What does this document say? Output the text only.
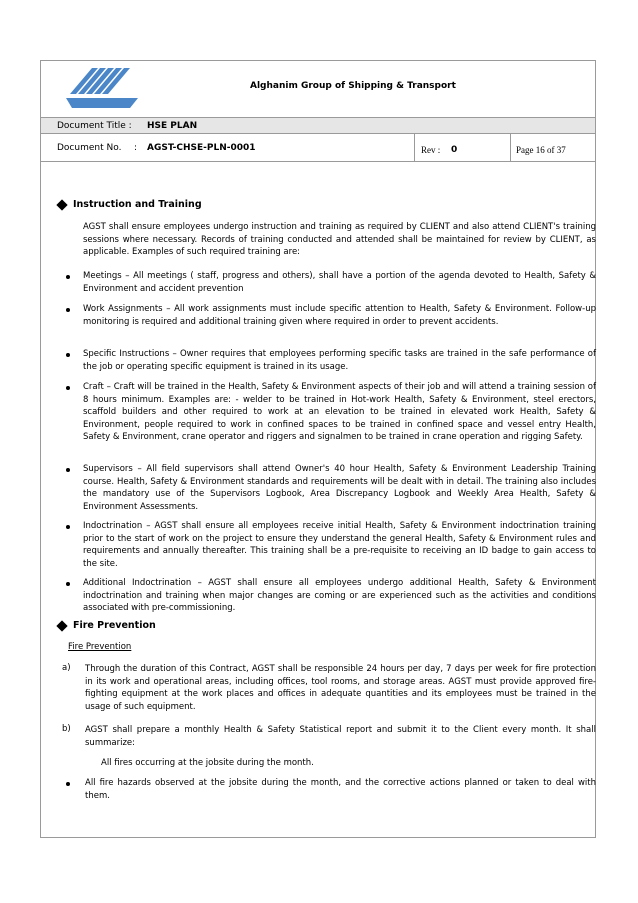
Alghanim Group of Shipping & Transport
Document Title : HSE PLAN
Document No. : AGST-CHSE-PLN-0001	Rev : 0	Page 16 of 37
Instruction and Training
AGST shall ensure employees undergo instruction and training as required by CLIENT and also attend CLIENT's training sessions where necessary. Records of training conducted and attended shall be maintained for review by CLIENT, as applicable. Examples of such required training are:
Meetings – All meetings ( staff, progress and others), shall have a portion of the agenda devoted to Health, Safety & Environment and accident prevention
Work Assignments – All work assignments must include specific attention to Health, Safety & Environment. Follow-up monitoring is required and additional training given where required in order to prevent accidents.
Specific Instructions – Owner requires that employees performing specific tasks are trained in the safe performance of the job or operating specific equipment is trained in its usage.
Craft – Craft will be trained in the Health, Safety & Environment aspects of their job and will attend a training session of 8 hours minimum. Examples are: - welder to be trained in Hot-work Health, Safety & Environment, steel erectors, scaffold builders and other required to work at an elevation to be trained in elevated work Health, Safety & Environment, people required to work in confined spaces to be trained in confined space and vessel entry Health, Safety & Environment, crane operator and riggers and signalmen to be trained in crane operation and rigging Safety.
Supervisors – All field supervisors shall attend Owner's 40 hour Health, Safety & Environment Leadership Training course. Health, Safety & Environment standards and requirements will be dealt with in detail. The training also includes the mandatory use of the Supervisors Logbook, Area Discrepancy Logbook and Weekly Area Health, Safety & Environment Assessments.
Indoctrination – AGST shall ensure all employees receive initial Health, Safety & Environment indoctrination training prior to the start of work on the project to ensure they understand the general Health, Safety & Environment rules and requirements and annually thereafter. This training shall be a pre-requisite to receiving an ID badge to gain access to the site.
Additional Indoctrination – AGST shall ensure all employees undergo additional Health, Safety & Environment indoctrination and training when major changes are coming or are experienced such as the activities and conditions associated with pre-commissioning.
Fire Prevention
Fire Prevention
a) Through the duration of this Contract, AGST shall be responsible 24 hours per day, 7 days per week for fire protection in its work and operational areas, including offices, tool rooms, and storage areas. AGST must provide approved fire-fighting equipment at the work places and offices in adequate quantities and its employees must be trained in the usage of such equipment.
b) AGST shall prepare a monthly Health & Safety Statistical report and submit it to the Client every month. It shall summarize:
All fires occurring at the jobsite during the month.
All fire hazards observed at the jobsite during the month, and the corrective actions planned or taken to deal with them.
